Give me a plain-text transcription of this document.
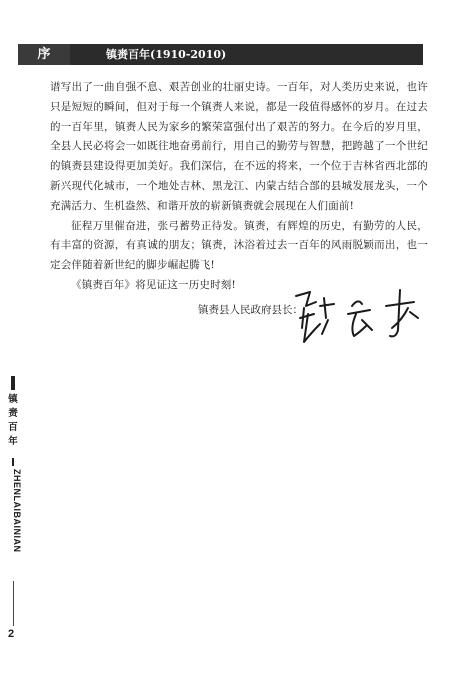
序	镇赉百年(1910-2010)

谱写出了一曲自强不息、艰苦创业的壮丽史诗。一百年，对人类历史来说，也许只是短短的瞬间，但对于每一个镇赉人来说，都是一段值得感怀的岁月。在过去的一百年里，镇赉人民为家乡的繁荣富强付出了艰苦的努力。在今后的岁月里，全县人民必将会一如既往地奋勇前行，用自己的勤劳与智慧，把跨越了一个世纪的镇赉县建设得更加美好。我们深信，在不远的将来，一个位于吉林省西北部的新兴现代化城市，一个地处吉林、黑龙江、内蒙古结合部的县城发展龙头，一个充满活力、生机盎然、和谐开放的崭新镇赉就会展现在人们面前!

征程万里催奋进，张弓蓄势正待发。镇赉，有辉煌的历史，有勤劳的人民，有丰富的资源，有真诚的朋友；镇赉，沐浴着过去一百年的风雨脱颖而出，也一定会伴随着新世纪的脚步崛起腾飞!

《镇赉百年》将见证这一历史时刻!

镇赉县人民政府县长：
镇赉百年
ZHENLAIBAINIAN
2
